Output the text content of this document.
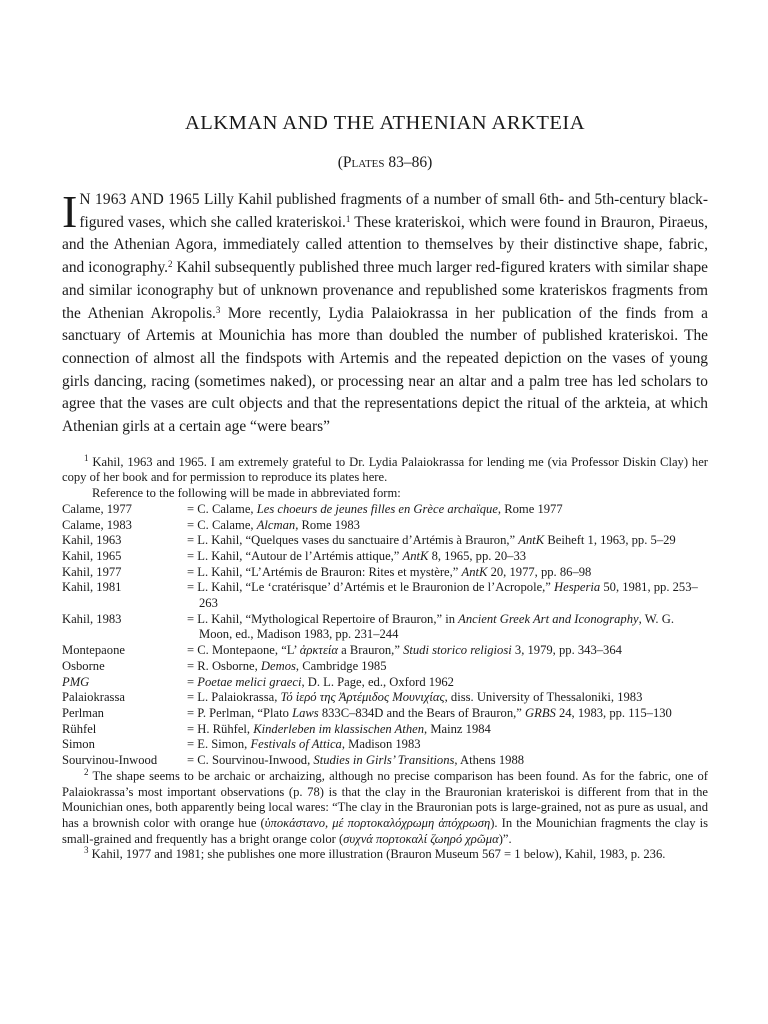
ALKMAN AND THE ATHENIAN ARKTEIA
(Plates 83–86)

I N 1963 AND 1965 Lilly Kahil published fragments of a number of small 6th- and 5th-century black-figured vases, which she called krateriskoi.$^1$ These krateriskoi, which were found in Brauron, Piraeus, and the Athenian Agora, immediately called attention to themselves by their distinctive shape, fabric, and iconography.$^2$ Kahil subsequently published three much larger red-figured kraters with similar shape and similar iconography but of unknown provenance and republished some krateriskos fragments from the Athenian Akropolis.$^3$ More recently, Lydia Palaiokrassa in her publication of the finds from a sanctuary of Artemis at Mounichia has more than doubled the number of published krateriskoi. The connection of almost all the findspots with Artemis and the repeated depiction on the vases of young girls dancing, racing (sometimes naked), or processing near an altar and a palm tree has led scholars to agree that the vases are cult objects and that the representations depict the ritual of the arkteia, at which Athenian girls at a certain age “were bears”

$^1$ Kahil, 1963 and 1965. I am extremely grateful to Dr. Lydia Palaiokrassa for lending me (via Professor Diskin Clay) her copy of her book and for permission to reproduce its plates here.

Reference to the following will be made in abbreviated form:
Calame, 1977	= C. Calame, Les choeurs de jeunes filles en Grèce archaïque, Rome 1977
Calame, 1983	= C. Calame, Alcman, Rome 1983
Kahil, 1963	= L. Kahil, “Quelques vases du sanctuaire d’Artémis à Brauron,” AntK Beiheft 1, 1963, pp. 5–29
Kahil, 1965	= L. Kahil, “Autour de l’Artémis attique,” AntK 8, 1965, pp. 20–33
Kahil, 1977	= L. Kahil, “L’Artémis de Brauron: Rites et mystère,” AntK 20, 1977, pp. 86–98
Kahil, 1981	= L. Kahil, “Le ‘cratérisque’ d’Artémis et le Brauronion de l’Acropole,” Hesperia 50, 1981, pp. 253–263
Kahil, 1983	= L. Kahil, “Mythological Repertoire of Brauron,” in Ancient Greek Art and Iconography, W. G. Moon, ed., Madison 1983, pp. 231–244
Montepaone	= C. Montepaone, “L’ ἀρκτεία a Brauron,” Studi storico religiosi 3, 1979, pp. 343–364
Osborne	= R. Osborne, Demos, Cambridge 1985
PMG	= Poetae melici graeci, D. L. Page, ed., Oxford 1962
Palaiokrassa	= L. Palaiokrassa, Τό ἱερό της Ἀρτέμιδος Μουνιχίας, diss. University of Thessaloniki, 1983
Perlman	= P. Perlman, “Plato Laws 833C–834D and the Bears of Brauron,” GRBS 24, 1983, pp. 115–130
Rühfel	= H. Rühfel, Kinderleben im klassischen Athen, Mainz 1984
Simon	= E. Simon, Festivals of Attica, Madison 1983
Sourvinou-Inwood	= C. Sourvinou-Inwood, Studies in Girls’ Transitions, Athens 1988

$^2$ The shape seems to be archaic or archaizing, although no precise comparison has been found. As for the fabric, one of Palaiokrassa’s most important observations (p. 78) is that the clay in the Brauronian krateriskoi is different from that in the Mounichian ones, both apparently being local wares: “The clay in the Brauronian pots is large-grained, not as pure as usual, and has a brownish color with orange hue (ὑποκάστανο, μέ πορτοκαλόχρωμη ἀπόχρωση). In the Mounichian fragments the clay is small-grained and frequently has a bright orange color (συχνά πορτοκαλί ζωηρό χρῶμα)”.

$^3$ Kahil, 1977 and 1981; she publishes one more illustration (Brauron Museum 567 = 1 below), Kahil, 1983, p. 236.
